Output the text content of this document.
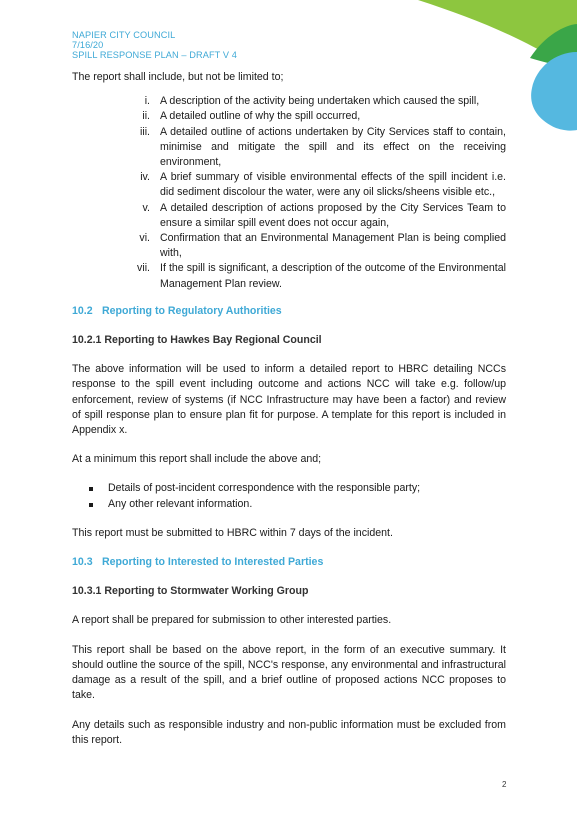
NAPIER CITY COUNCIL
7/16/20
SPILL RESPONSE PLAN – DRAFT V 4

The report shall include, but not be limited to;

i. A description of the activity being undertaken which caused the spill,
ii. A detailed outline of why the spill occurred,
iii. A detailed outline of actions undertaken by City Services staff to contain, minimise and mitigate the spill and its effect on the receiving environment,
iv. A brief summary of visible environmental effects of the spill incident i.e. did sediment discolour the water, were any oil slicks/sheens visible etc.,
v. A detailed description of actions proposed by the City Services Team to ensure a similar spill event does not occur again,
vi. Confirmation that an Environmental Management Plan is being complied with,
vii. If the spill is significant, a description of the outcome of the Environmental Management Plan review.
10.2 Reporting to Regulatory Authorities
10.2.1 Reporting to Hawkes Bay Regional Council

The above information will be used to inform a detailed report to HBRC detailing NCCs response to the spill event including outcome and actions NCC will take e.g. follow/up enforcement, review of systems (if NCC Infrastructure may have been a factor) and review of spill response plan to ensure plan fit for purpose. A template for this report is included in Appendix x.

At a minimum this report shall include the above and;

Details of post-incident correspondence with the responsible party;
Any other relevant information.

This report must be submitted to HBRC within 7 days of the incident.

10.3 Reporting to Interested to Interested Parties
10.3.1 Reporting to Stormwater Working Group

A report shall be prepared for submission to other interested parties.

This report shall be based on the above report, in the form of an executive summary. It should outline the source of the spill, NCC's response, any environmental and infrastructural damage as a result of the spill, and a brief outline of proposed actions NCC proposes to take.

Any details such as responsible industry and non-public information must be excluded from this report.

2
